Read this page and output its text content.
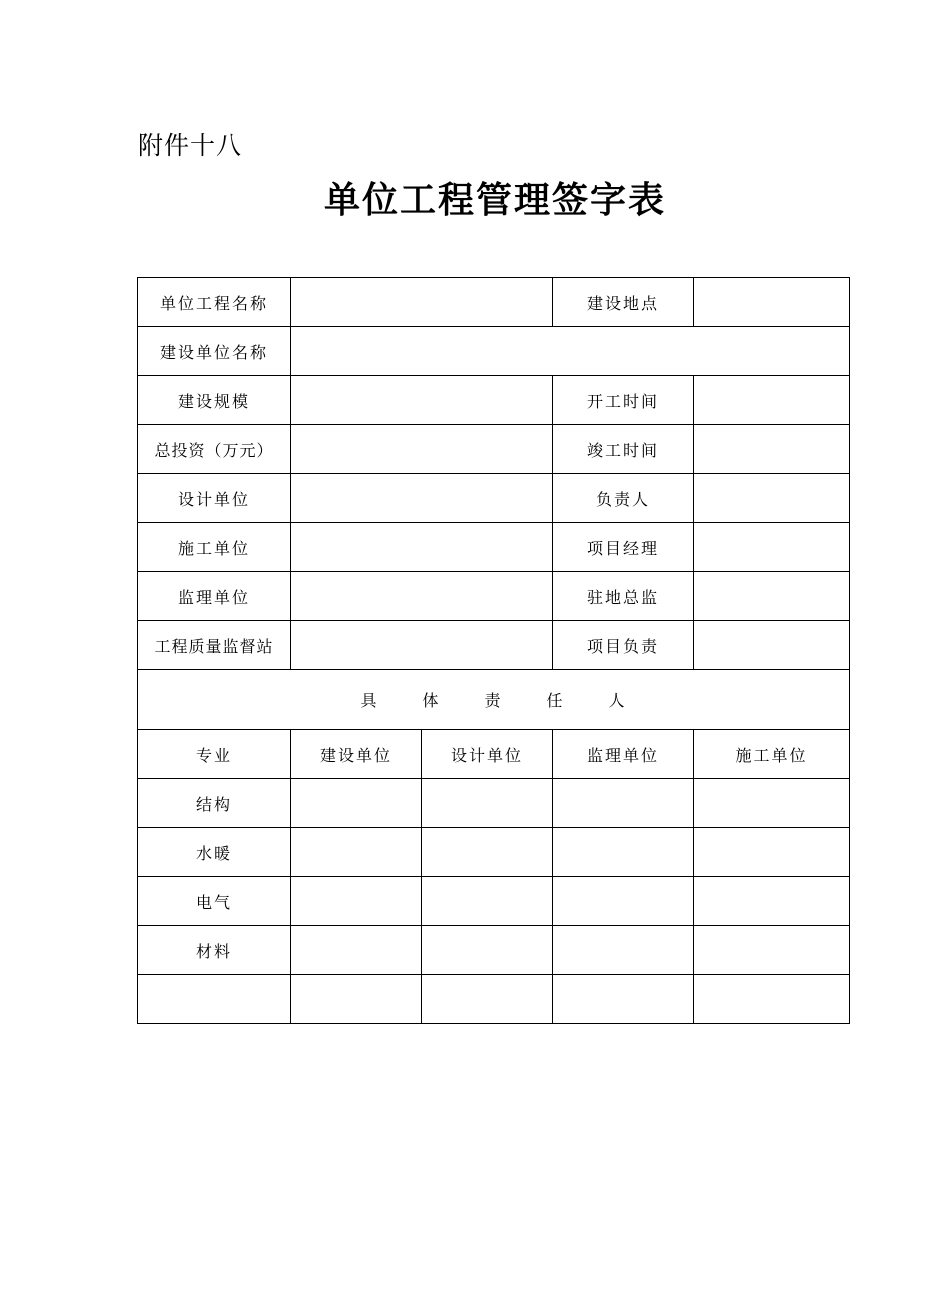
附件十八
单位工程管理签字表
单位工程名称			建设地点	
建设单位名称				
建设规模			开工时间	
总投资（万元）			竣工时间	
设计单位			负责人	
施工单位			项目经理	
监理单位			驻地总监	
工程质量监督站			项目负责	
具 体 责 任 人				
专业	建设单位	设计单位	监理单位	施工单位
结构				
水暖				
电气				
材料				
